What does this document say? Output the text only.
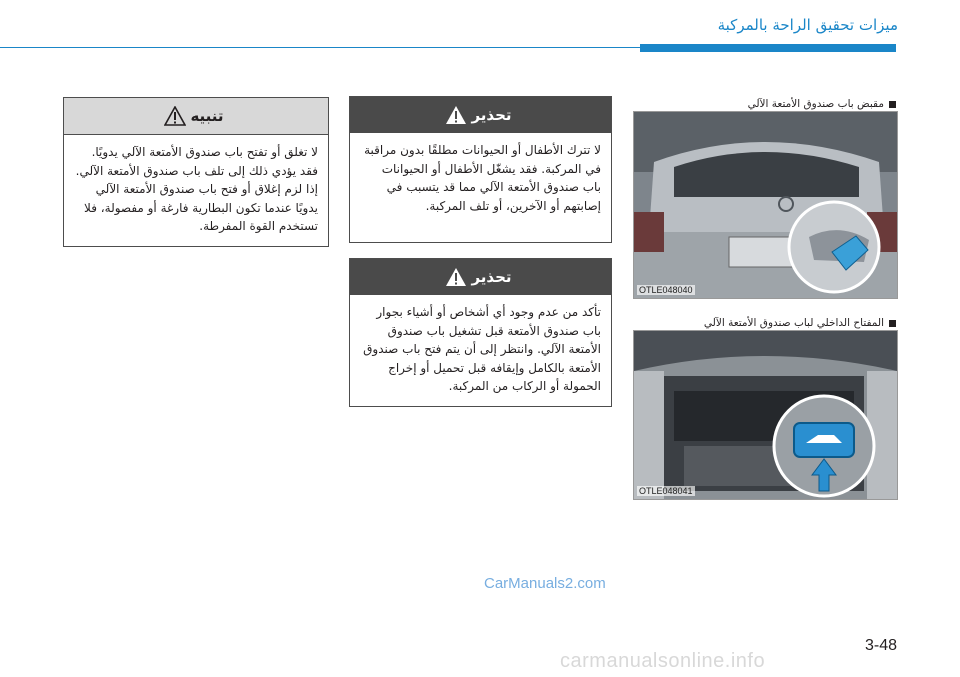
ميزات تحقيق الراحة بالمركبة
تنبيه
لا تغلق أو تفتح باب صندوق الأمتعة الآلي يدويًا. فقد يؤدي ذلك إلى تلف باب صندوق الأمتعة الآلي. إذا لزم إغلاق أو فتح باب صندوق الأمتعة الآلي يدويًا عندما تكون البطارية فارغة أو مفصولة، فلا تستخدم القوة المفرطة.
تحذير
لا تترك الأطفال أو الحيوانات مطلقًا بدون مراقبة في المركبة. فقد يشغّل الأطفال أو الحيوانات باب صندوق الأمتعة الآلي مما قد يتسبب في إصابتهم أو الآخرين، أو تلف المركبة.
تحذير
تأكد من عدم وجود أي أشخاص أو أشياء بجوار باب صندوق الأمتعة قبل تشغيل باب صندوق الأمتعة الآلي. وانتظر إلى أن يتم فتح باب صندوق الأمتعة بالكامل وإيقافه قبل تحميل أو إخراج الحمولة أو الركاب من المركبة.
مقبض باب صندوق الأمتعة الآلي
OTLE048040
المفتاح الداخلي لباب صندوق الأمتعة الآلي
OTLE048041
CarManuals2.com
3-48
carmanualsonline.info
